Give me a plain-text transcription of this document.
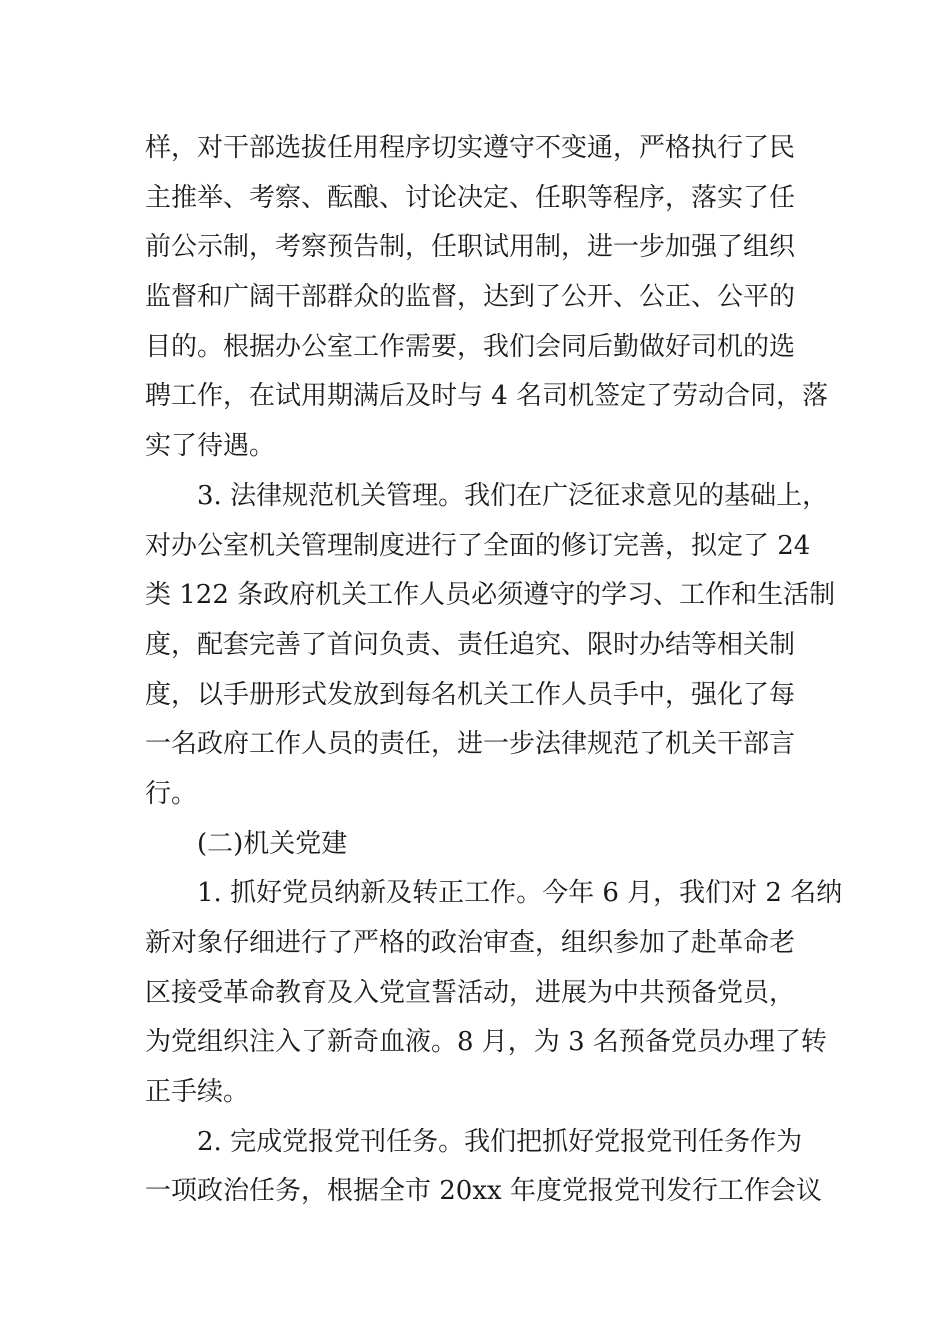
样，对干部选拔任用程序切实遵守不变通，严格执行了民
主推举、考察、酝酿、讨论决定、任职等程序，落实了任
前公示制，考察预告制，任职试用制，进一步加强了组织
监督和广阔干部群众的监督，达到了公开、公正、公平的
目的。根据办公室工作需要，我们会同后勤做好司机的选
聘工作，在试用期满后及时与 4 名司机签定了劳动合同，落
实了待遇。
3. 法律规范机关管理。我们在广泛征求意见的基础上，
对办公室机关管理制度进行了全面的修订完善，拟定了 24
类 122 条政府机关工作人员必须遵守的学习、工作和生活制
度，配套完善了首问负责、责任追究、限时办结等相关制
度，以手册形式发放到每名机关工作人员手中，强化了每
一名政府工作人员的责任，进一步法律规范了机关干部言
行。
(二)机关党建
1. 抓好党员纳新及转正工作。今年 6 月，我们对 2 名纳
新对象仔细进行了严格的政治审查，组织参加了赴革命老
区接受革命教育及入党宣誓活动，进展为中共预备党员，
为党组织注入了新奇血液。8 月，为 3 名预备党员办理了转
正手续。
2. 完成党报党刊任务。我们把抓好党报党刊任务作为
一项政治任务，根据全市 20xx 年度党报党刊发行工作会议
